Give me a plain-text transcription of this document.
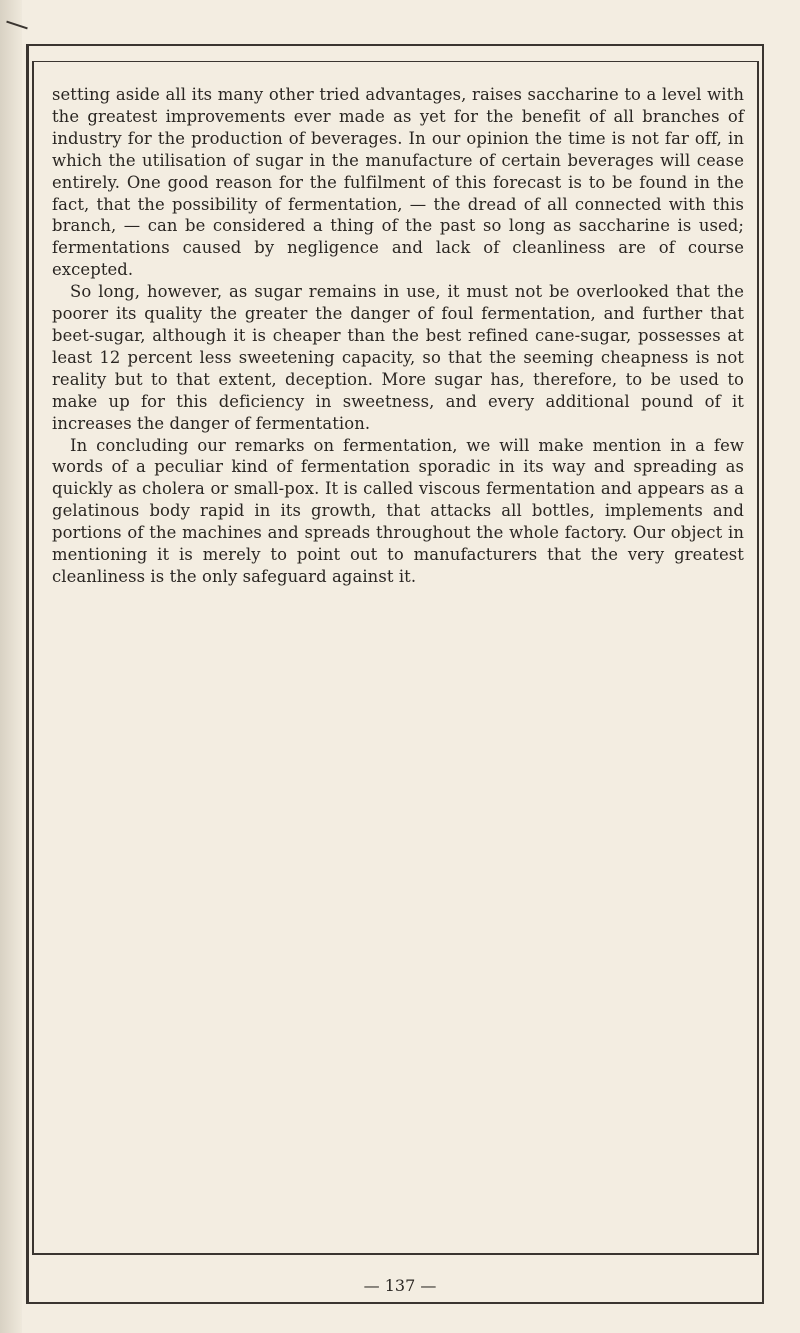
setting aside all its many other tried advantages, raises saccharine to a level with the greatest improvements ever made as yet for the benefit of all branches of industry for the production of beverages. In our opinion the time is not far off, in which the utilisation of sugar in the manufacture of certain beverages will cease entirely. One good reason for the fulfilment of this forecast is to be found in the fact, that the possibility of fermentation, — the dread of all connected with this branch, — can be considered a thing of the past so long as saccharine is used; fermentations caused by negligence and lack of cleanliness are of course excepted.

So long, however, as sugar remains in use, it must not be overlooked that the poorer its quality the greater the danger of foul fermentation, and further that beet-sugar, although it is cheaper than the best refined cane-sugar, possesses at least 12 percent less sweetening capacity, so that the seeming cheapness is not reality but to that extent, deception. More sugar has, therefore, to be used to make up for this deficiency in sweetness, and every additional pound of it increases the danger of fermentation.

In concluding our remarks on fermentation, we will make mention in a few words of a peculiar kind of fermentation sporadic in its way and spreading as quickly as cholera or small-pox. It is called viscous fermentation and appears as a gelatinous body rapid in its growth, that attacks all bottles, implements and portions of the machines and spreads throughout the whole factory. Our object in mentioning it is merely to point out to manufacturers that the very greatest cleanliness is the only safeguard against it.

— 137 —
